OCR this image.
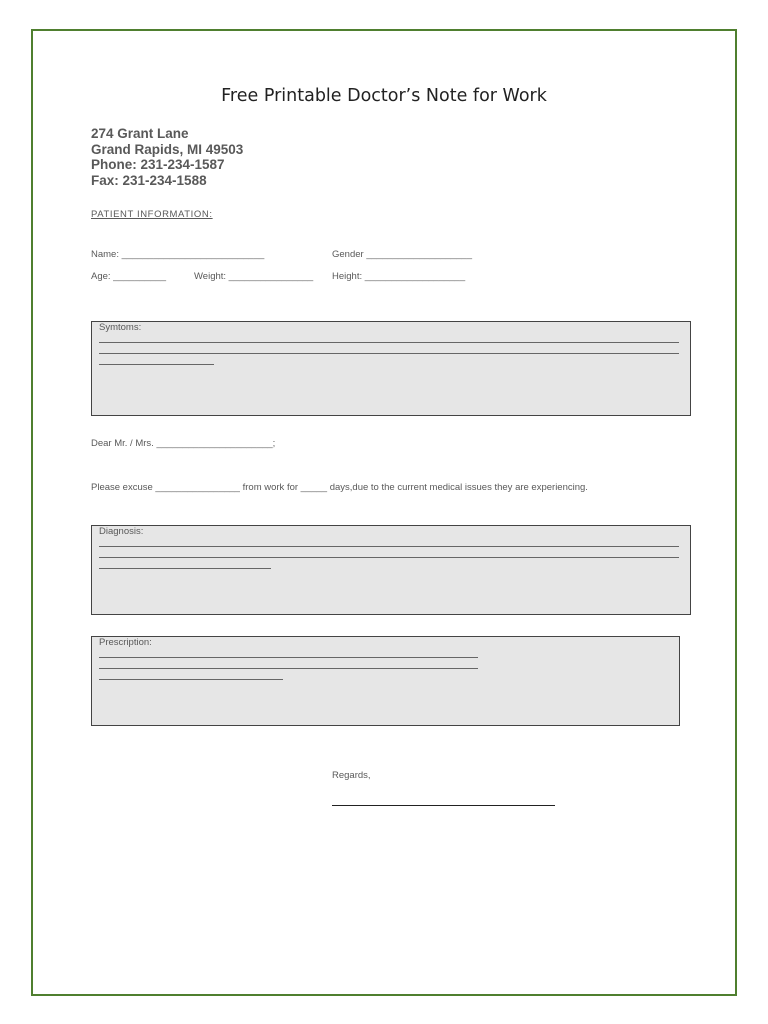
Free Printable Doctor’s Note for Work
274 Grant Lane
Grand Rapids, MI 49503
Phone: 231-234-1587
Fax: 231-234-1588
PATIENT INFORMATION:
Name: ___________________________	Gender ____________________
Age: __________	Weight: ________________ Height: ___________________
Symtoms:
Dear Mr. / Mrs. ______________________;
Please excuse ________________ from work for _____ days,due to the current medical issues they are experiencing.
Diagnosis:
Prescription:
Regards,
